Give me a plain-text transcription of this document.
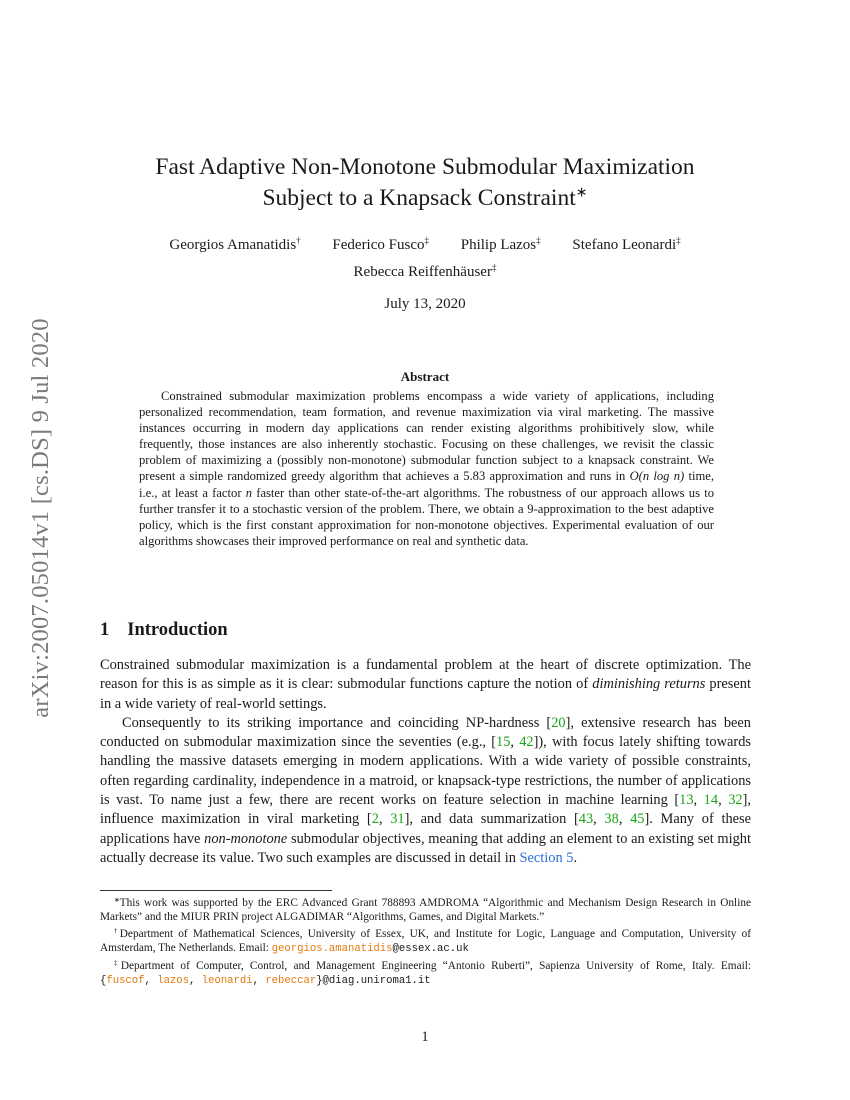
arXiv:2007.05014v1 [cs.DS] 9 Jul 2020
Fast Adaptive Non-Monotone Submodular Maximization
Subject to a Knapsack Constraint∗
Georgios Amanatidis† Federico Fusco‡ Philip Lazos‡ Stefano Leonardi‡
Rebecca Reiffenhäuser‡
July 13, 2020
Abstract

Constrained submodular maximization problems encompass a wide variety of applications, including personalized recommendation, team formation, and revenue maximization via viral marketing. The massive instances occurring in modern day applications can render existing algorithms prohibitively slow, while frequently, those instances are also inherently stochastic. Focusing on these challenges, we revisit the classic problem of maximizing a (possibly non-monotone) submodular function subject to a knapsack constraint. We present a simple randomized greedy algorithm that achieves a 5.83 approximation and runs in O(n log n) time, i.e., at least a factor n faster than other state-of-the-art algorithms. The robustness of our approach allows us to further transfer it to a stochastic version of the problem. There, we obtain a 9-approximation to the best adaptive policy, which is the first constant approximation for non-monotone objectives. Experimental evaluation of our algorithms showcases their improved performance on real and synthetic data.

1 Introduction

Constrained submodular maximization is a fundamental problem at the heart of discrete optimization. The reason for this is as simple as it is clear: submodular functions capture the notion of diminishing returns present in a wide variety of real-world settings.

Consequently to its striking importance and coinciding NP-hardness [20], extensive research has been conducted on submodular maximization since the seventies (e.g., [15, 42]), with focus lately shifting towards handling the massive datasets emerging in modern applications. With a wide variety of possible constraints, often regarding cardinality, independence in a matroid, or knapsack-type restrictions, the number of applications is vast. To name just a few, there are recent works on feature selection in machine learning [13, 14, 32], influence maximization in viral marketing [2, 31], and data summarization [43, 38, 45]. Many of these applications have non-monotone submodular objectives, meaning that adding an element to an existing set might actually decrease its value. Two such examples are discussed in detail in Section 5.

∗This work was supported by the ERC Advanced Grant 788893 AMDROMA “Algorithmic and Mechanism Design Research in Online Markets” and the MIUR PRIN project ALGADIMAR “Algorithms, Games, and Digital Markets.”

†Department of Mathematical Sciences, University of Essex, UK, and Institute for Logic, Language and Computation, University of Amsterdam, The Netherlands. Email: georgios.amanatidis@essex.ac.uk

‡Department of Computer, Control, and Management Engineering “Antonio Ruberti”, Sapienza University of Rome, Italy. Email: {fuscof, lazos, leonardi, rebeccar}@diag.uniroma1.it

1
